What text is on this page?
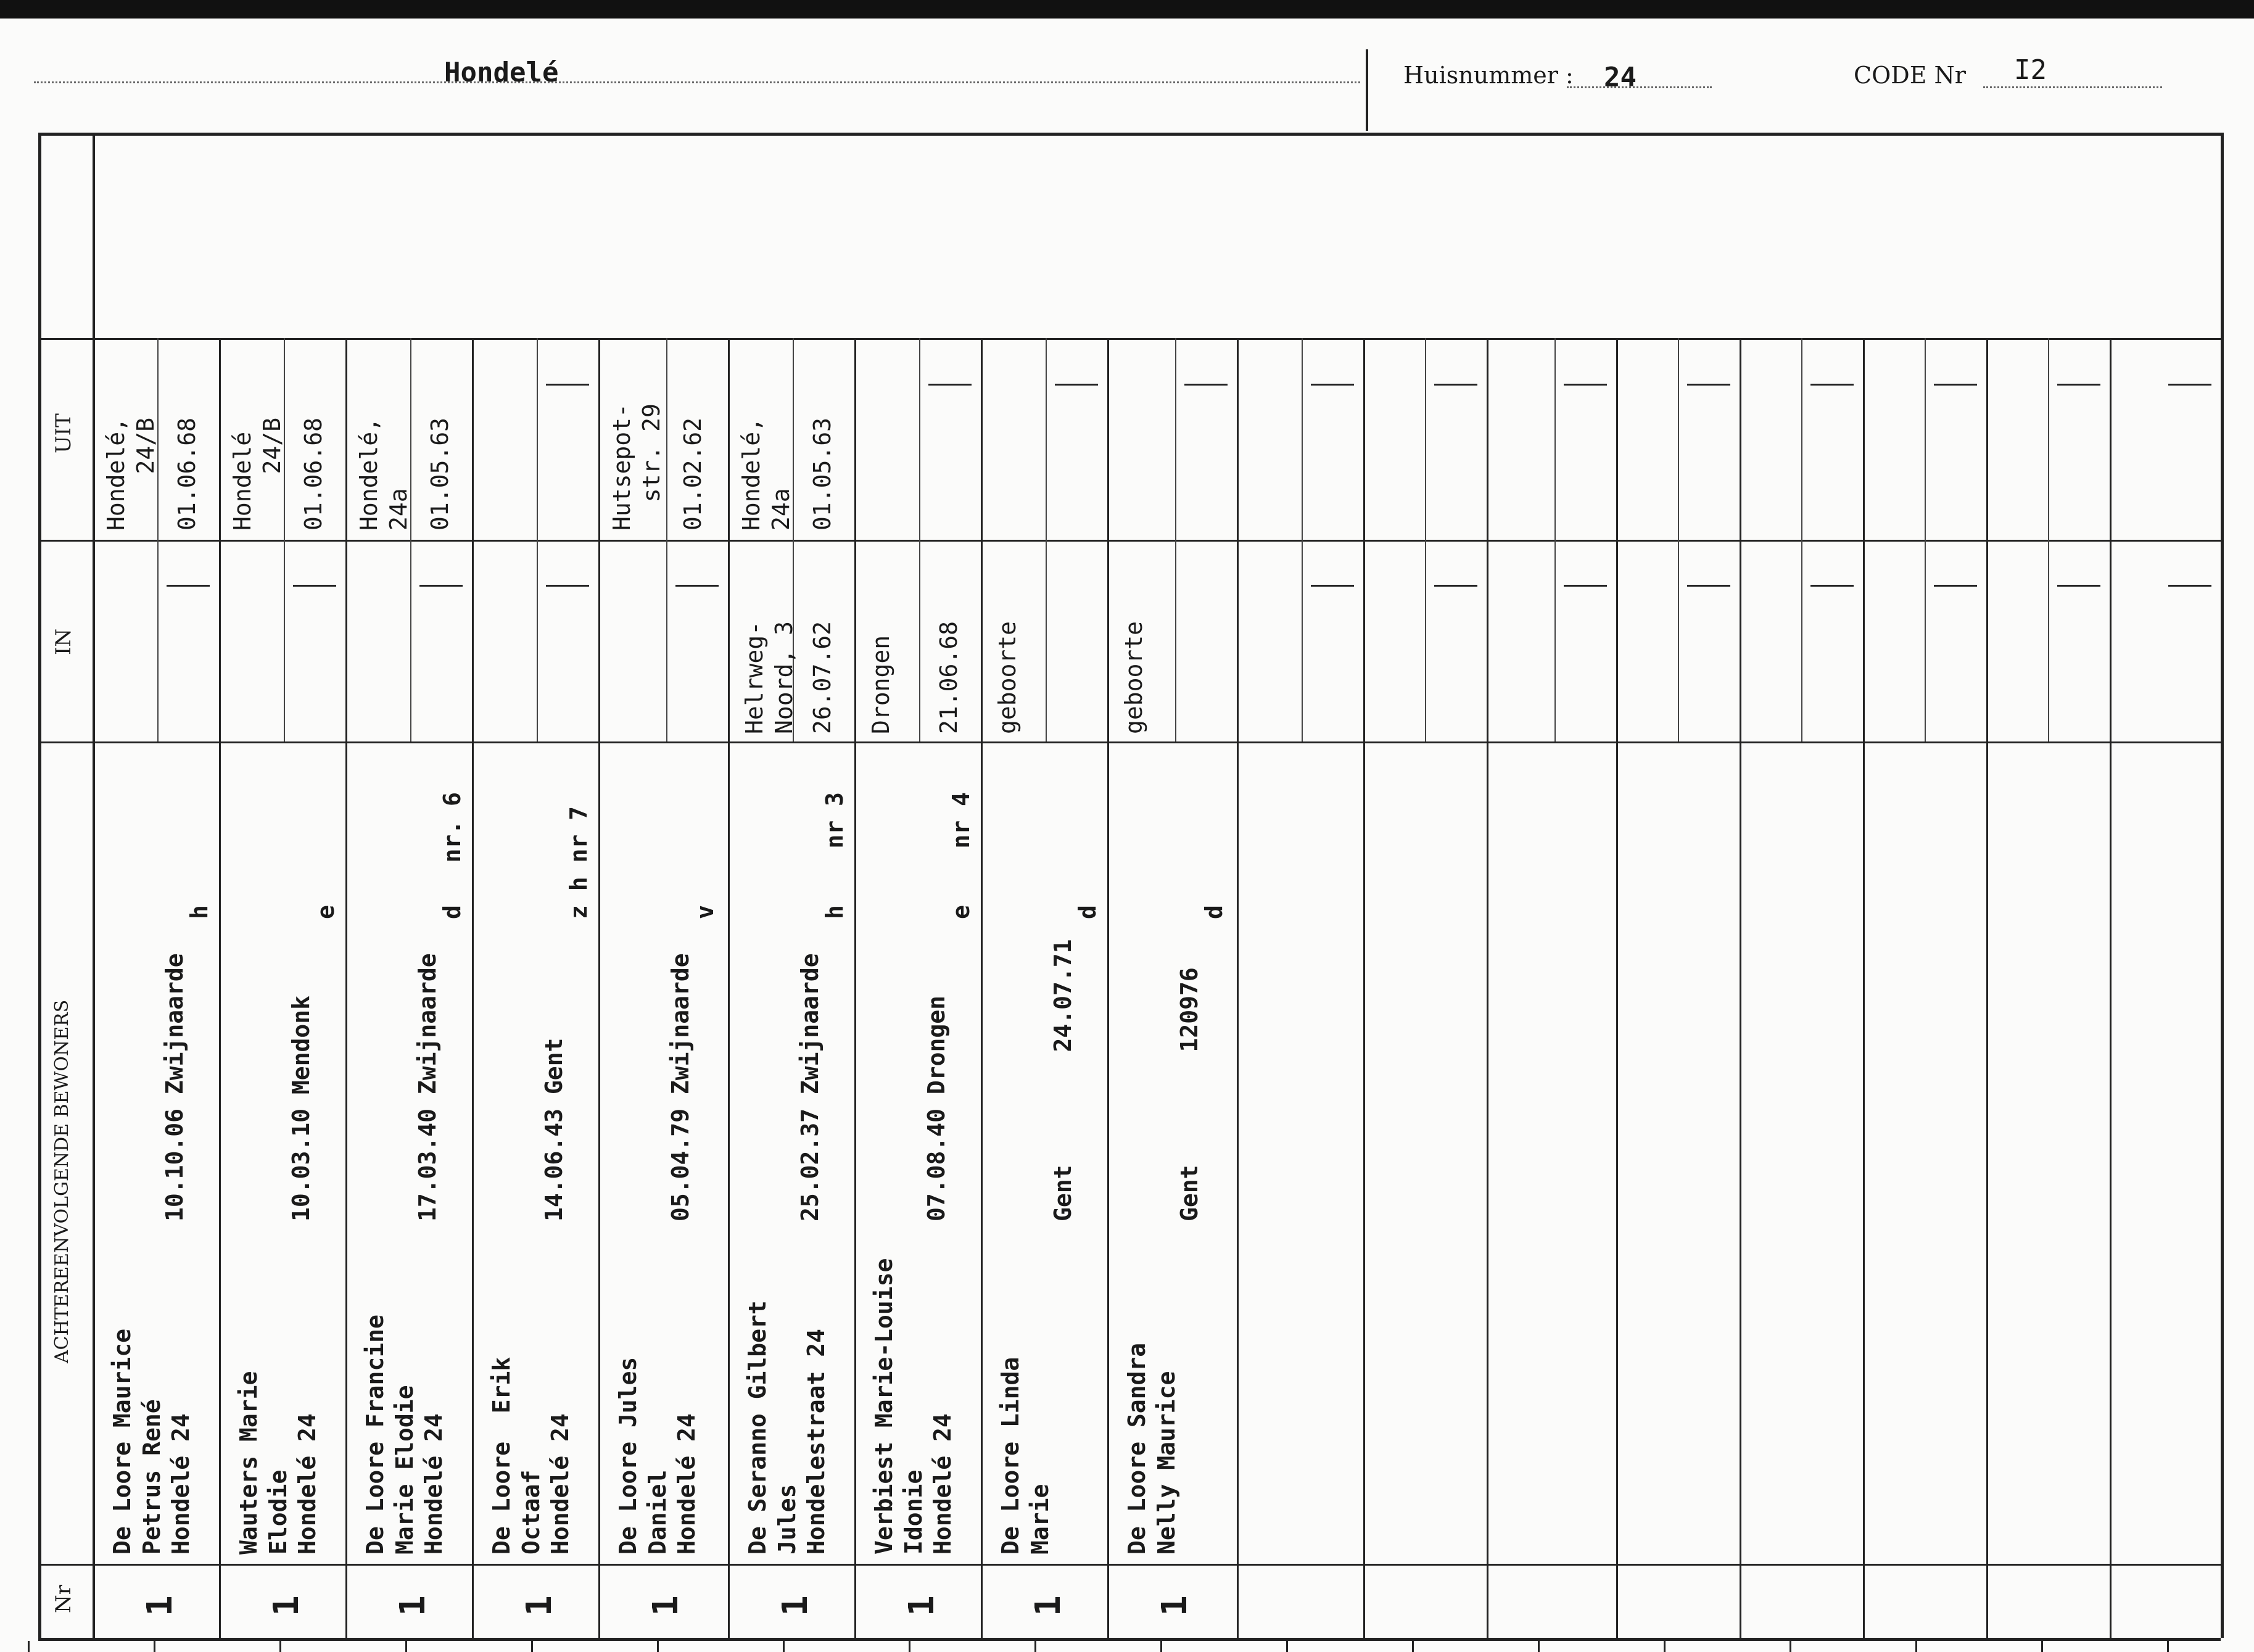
Hondelé	Huisnummer : 24	CODE Nr I2
UIT
IN
ACHTEREENVOLGENDE BEWONERS
Nr 1
De Loore Maurice
Petrus René
Hondelé 24
10.10.06 Zwijnaarde
h
Hondelé,
24/B 01.06.68
1
Wauters Marie
Elodie
Hondelé 24
10.03.10 Mendonk
e
Hondelé
24/B 01.06.68
1
De Loore Francine
Marie Elodie
Hondelé 24
17.03.40 Zwijnaarde
d   nr. 6
Hondelé,
24a 01.05.63
1
De Loore  Erik
Octaaf
Hondelé 24
14.06.43 Gent
z h nr 7
1
De Loore Jules
Daniel
Hondelé 24
05.04.79 Zwijnaarde
v
Hutsepot-
str. 29 01.02.62
1
De Seranno Gilbert
Jules
Hondelestraat 24
25.02.37 Zwijnaarde
h    nr 3
Helrweg-
Noord, 3 26.07.62
Hondelé,
24a 01.05.63
1
Verbiest Marie-Louise
Idonie
Hondelé 24
07.08.40 Drongen
e    nr 4
Drongen 21.06.68
1
De Loore Linda
Marie
Gent        24.07.71
d
geboorte
1
De Loore Sandra
Nelly Maurice
Gent        120976
d
geboorte
